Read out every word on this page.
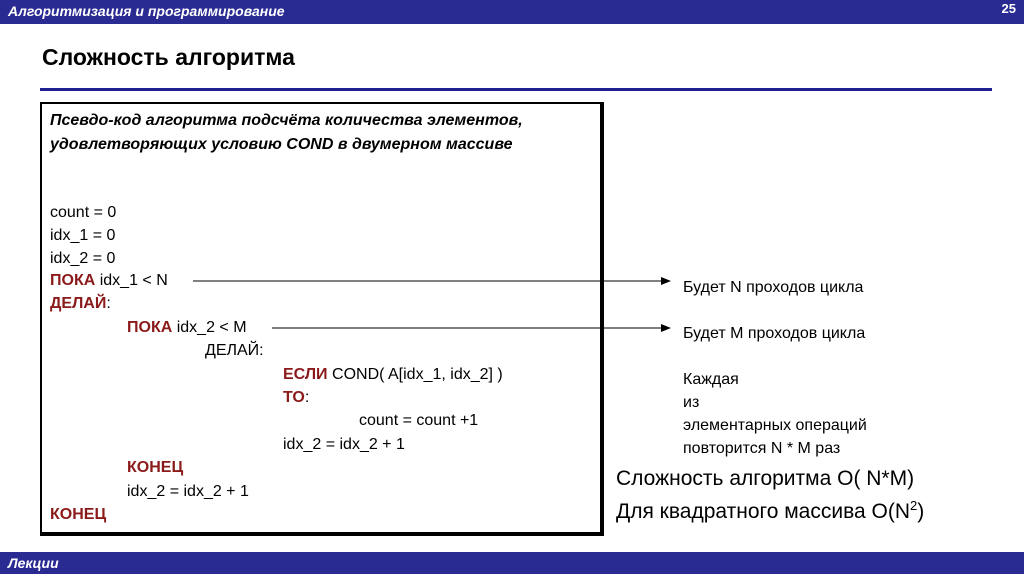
Алгоритмизация и программирование	25
Сложность алгоритма
Псевдо-код алгоритма подсчёта количества элементов, удовлетворяющих условию COND в двумерном массиве
count = 0
idx_1 = 0
idx_2 = 0
ПОКА idx_1 < N
ДЕЛАЙ:
ПОКА idx_2 < M
ДЕЛАЙ:
ЕСЛИ COND( A[idx_1, idx_2] )
ТО:
count = count +1
idx_2 = idx_2 + 1
КОНЕЦ
idx_2 = idx_2 + 1
КОНЕЦ
Будет N проходов цикла
Будет M проходов цикла
Каждая
из
элементарных операций
повторится N * M раз
Сложность алгоритма O( N*M)
Для квадратного массива $O(N^2)$
Лекции
